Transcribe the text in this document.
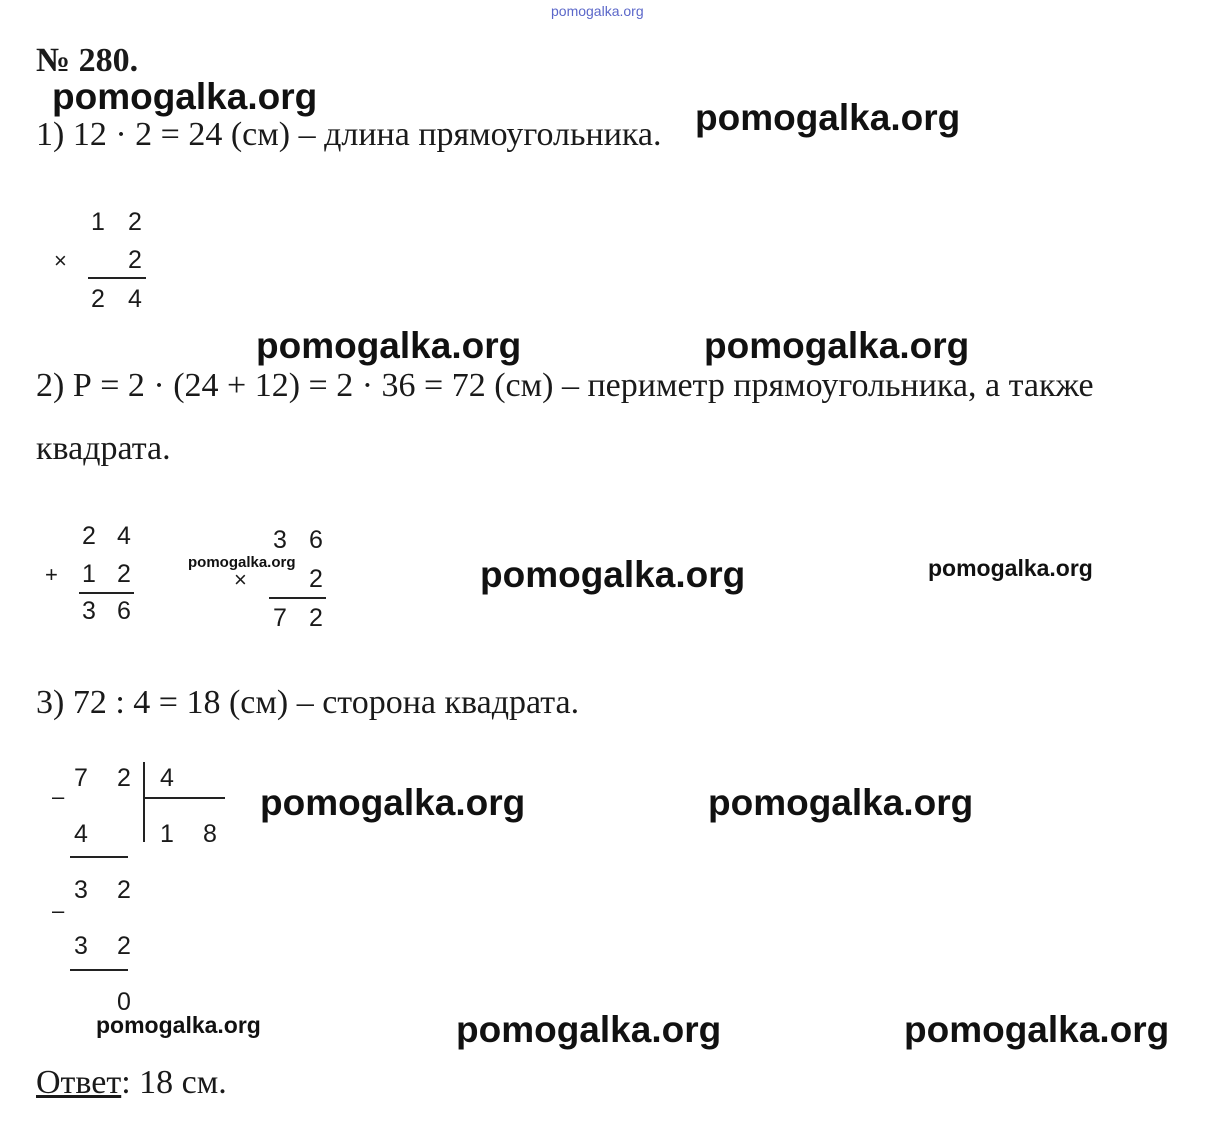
pomogalka.org
№ 280.
pomogalka.org
pomogalka.org
1) 12 · 2 = 24 (см) – длина прямоугольника.
1 2
× 2
2 4
pomogalka.org	pomogalka.org
2) Р = 2 · (24 + 12) = 2 · 36 = 72 (см) – периметр прямоугольника, а также
квадрата.
2 4
+ 1 2
3 6
pomogalka.org
3 6
× 2
7 2
pomogalka.org	pomogalka.org
3) 72 : 4 = 18 (см) – сторона квадрата.
7 2 4
–
4	1 8
3 2
–
3 2
0
pomogalka.org	pomogalka.org
pomogalka.org	pomogalka.org	pomogalka.org
Ответ: 18 см.
